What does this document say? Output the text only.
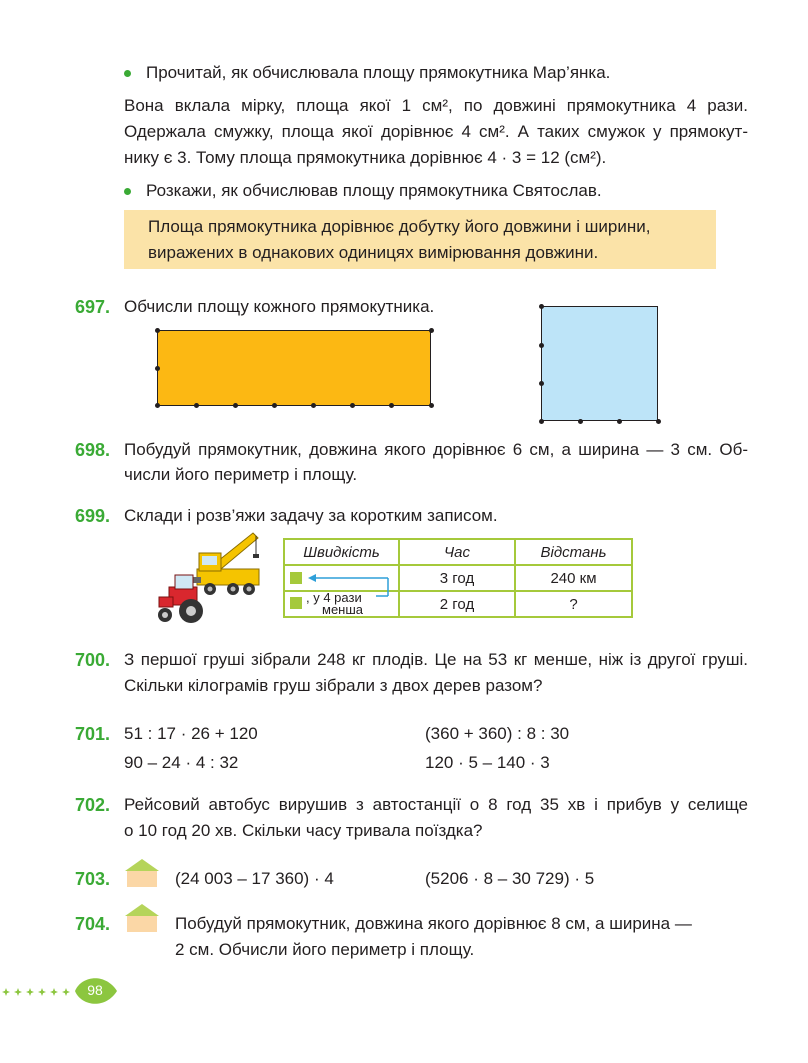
Прочитай, як обчислювала площу прямокутника Мар’янка.
Вона вклала мірку, площа якої 1 см², по довжині прямокутника 4 рази.
Одержала смужку, площа якої дорівнює 4 см². А таких смужок у прямокут-
нику є 3. Тому площа прямокутника дорівнює 4 · 3 = 12 (см²).
Розкажи, як обчислював площу прямокутника Святослав.
Площа прямокутника дорівнює добутку його довжини і ширини,
виражених в однакових одиницях вимірювання довжини.
697. Обчисли площу кожного прямокутника.
698. Побудуй прямокутник, довжина якого дорівнює 6 см, а ширина — 3 см. Об-
числи його периметр і площу.
699. Склади і розв’яжи задачу за коротким записом.
Швидкість	Час	Відстань
	3 год	240 км
	2 год	?
, у 4 рази
менша
700. З першої груші зібрали 248 кг плодів. Це на 53 кг менше, ніж із другої груші.
Скільки кілограмів груш зібрали з двох дерев разом?
701. 51 : 17 · 26 + 120	(360 + 360) : 8 : 30
90 – 24 · 4 : 32	120 · 5 – 140 · 3
702. Рейсовий автобус вирушив з автостанції о 8 год 35 хв і прибув у селище
о 10 год 20 хв. Скільки часу тривала поїздка?
703.	(24 003 – 17 360) · 4	(5206 · 8 – 30 729) · 5
704.	Побудуй прямокутник, довжина якого дорівнює 8 см, а ширина —
2 см. Обчисли його периметр і площу.
98
